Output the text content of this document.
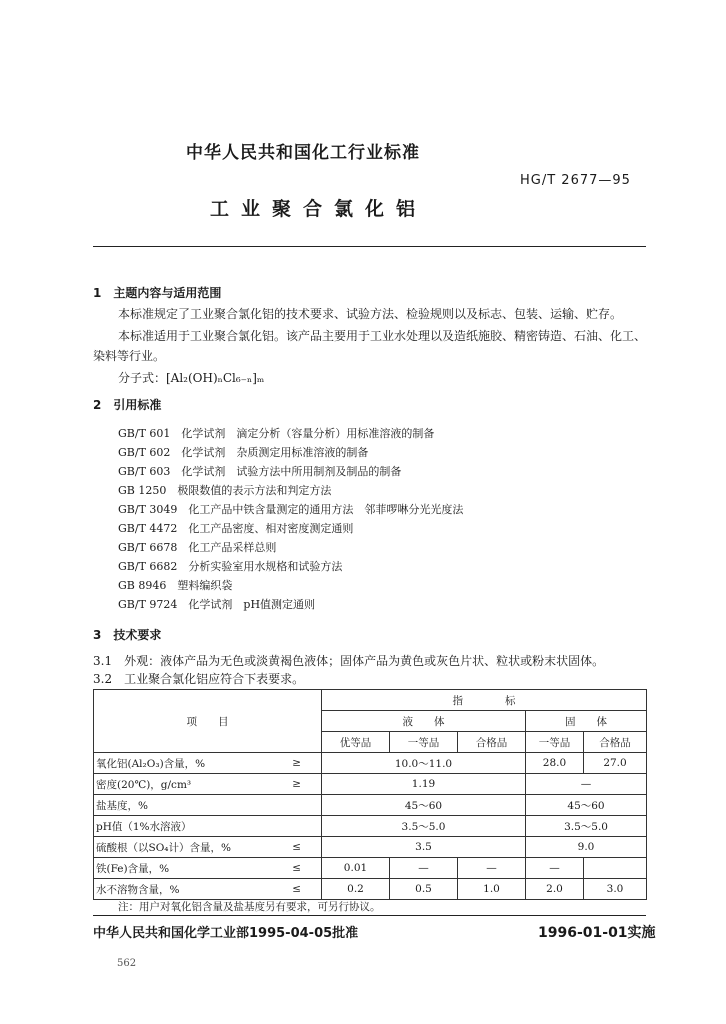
中华人民共和国化工行业标准
HG/T 2677—95
工业聚合氯化铝
1　主题内容与适用范围
本标准规定了工业聚合氯化铝的技术要求、试验方法、检验规则以及标志、包装、运输、贮存。
本标准适用于工业聚合氯化铝。该产品主要用于工业水处理以及造纸施胶、精密铸造、石油、化工、
染料等行业。
分子式：[Al₂(OH)ₙCl₆₋ₙ]ₘ
2　引用标准
GB/T 601　化学试剂　滴定分析（容量分析）用标准溶液的制备
GB/T 602　化学试剂　杂质测定用标准溶液的制备
GB/T 603　化学试剂　试验方法中所用制剂及制品的制备
GB 1250　极限数值的表示方法和判定方法
GB/T 3049　化工产品中铁含量测定的通用方法　邻菲啰啉分光光度法
GB/T 4472　化工产品密度、相对密度测定通则
GB/T 6678　化工产品采样总则
GB/T 6682　分析实验室用水规格和试验方法
GB 8946　塑料编织袋
GB/T 9724　化学试剂　pH值测定通则
3　技术要求
3.1　外观：液体产品为无色或淡黄褐色液体；固体产品为黄色或灰色片状、粒状或粉末状固体。
3.2　工业聚合氯化铝应符合下表要求。
项　　目		指　　　　标				
		液　　体			固　　体	
		优等品	一等品	合格品	一等品	合格品
氧化铝(Al₂O₃)含量，%	≥	10.0～11.0			28.0	27.0
密度(20℃)，g/cm³	≥	1.19			—	
盐基度，%		45～60			45～60	
pH值（1%水溶液）		3.5～5.0			3.5～5.0	
硫酸根（以SO₄计）含量，%	≤	3.5			9.0	
铁(Fe)含量，%	≤	0.01	—	—	—	
水不溶物含量，%	≤	0.2	0.5	1.0	2.0	3.0
注：用户对氧化铝含量及盐基度另有要求，可另行协议。
中华人民共和国化学工业部1995-04-05批准	1996-01-01实施
562
